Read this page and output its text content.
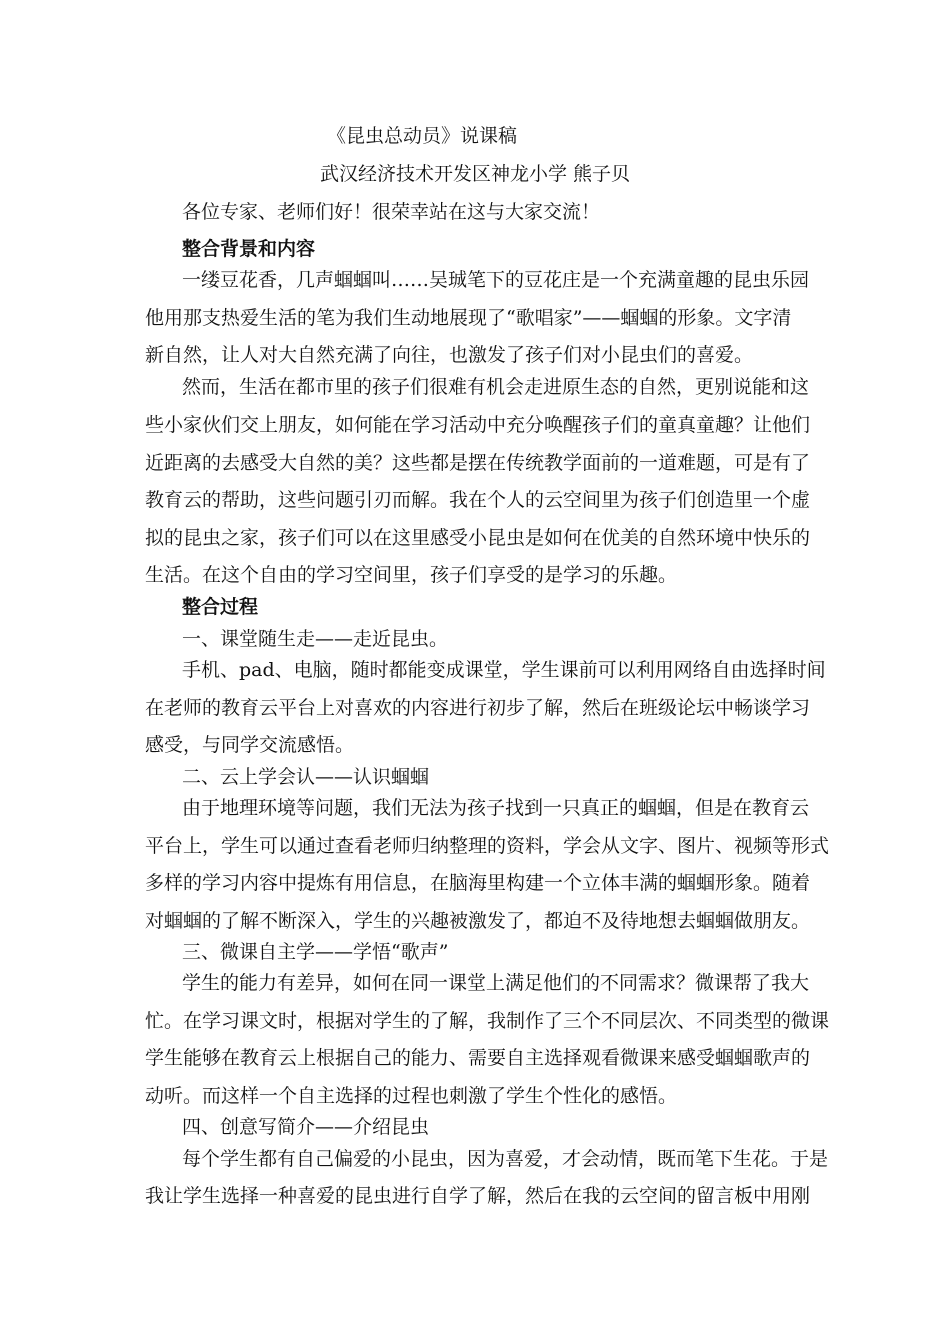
《昆虫总动员》说课稿
武汉经济技术开发区神龙小学 熊子贝
各位专家、老师们好！很荣幸站在这与大家交流！
整合背景和内容
一缕豆花香，几声蝈蝈叫……吴珹笔下的豆花庄是一个充满童趣的昆虫乐园
他用那支热爱生活的笔为我们生动地展现了“歌唱家”——蝈蝈的形象。文字清
新自然，让人对大自然充满了向往，也激发了孩子们对小昆虫们的喜爱。
然而，生活在都市里的孩子们很难有机会走进原生态的自然，更别说能和这
些小家伙们交上朋友，如何能在学习活动中充分唤醒孩子们的童真童趣？让他们
近距离的去感受大自然的美？这些都是摆在传统教学面前的一道难题，可是有了
教育云的帮助，这些问题引刃而解。我在个人的云空间里为孩子们创造里一个虚
拟的昆虫之家，孩子们可以在这里感受小昆虫是如何在优美的自然环境中快乐的
生活。在这个自由的学习空间里，孩子们享受的是学习的乐趣。
整合过程
一、课堂随生走——走近昆虫。
手机、pad、电脑，随时都能变成课堂，学生课前可以利用网络自由选择时间
在老师的教育云平台上对喜欢的内容进行初步了解，然后在班级论坛中畅谈学习
感受，与同学交流感悟。
二、云上学会认——认识蝈蝈
由于地理环境等问题，我们无法为孩子找到一只真正的蝈蝈，但是在教育云
平台上，学生可以通过查看老师归纳整理的资料，学会从文字、图片、视频等形式
多样的学习内容中提炼有用信息，在脑海里构建一个立体丰满的蝈蝈形象。随着
对蝈蝈的了解不断深入，学生的兴趣被激发了，都迫不及待地想去蝈蝈做朋友。
三、微课自主学——学悟“歌声”
学生的能力有差异，如何在同一课堂上满足他们的不同需求？微课帮了我大
忙。在学习课文时，根据对学生的了解，我制作了三个不同层次、不同类型的微课
学生能够在教育云上根据自己的能力、需要自主选择观看微课来感受蝈蝈歌声的
动听。而这样一个自主选择的过程也刺激了学生个性化的感悟。
四、创意写简介——介绍昆虫
每个学生都有自己偏爱的小昆虫，因为喜爱，才会动情，既而笔下生花。于是
我让学生选择一种喜爱的昆虫进行自学了解，然后在我的云空间的留言板中用刚
